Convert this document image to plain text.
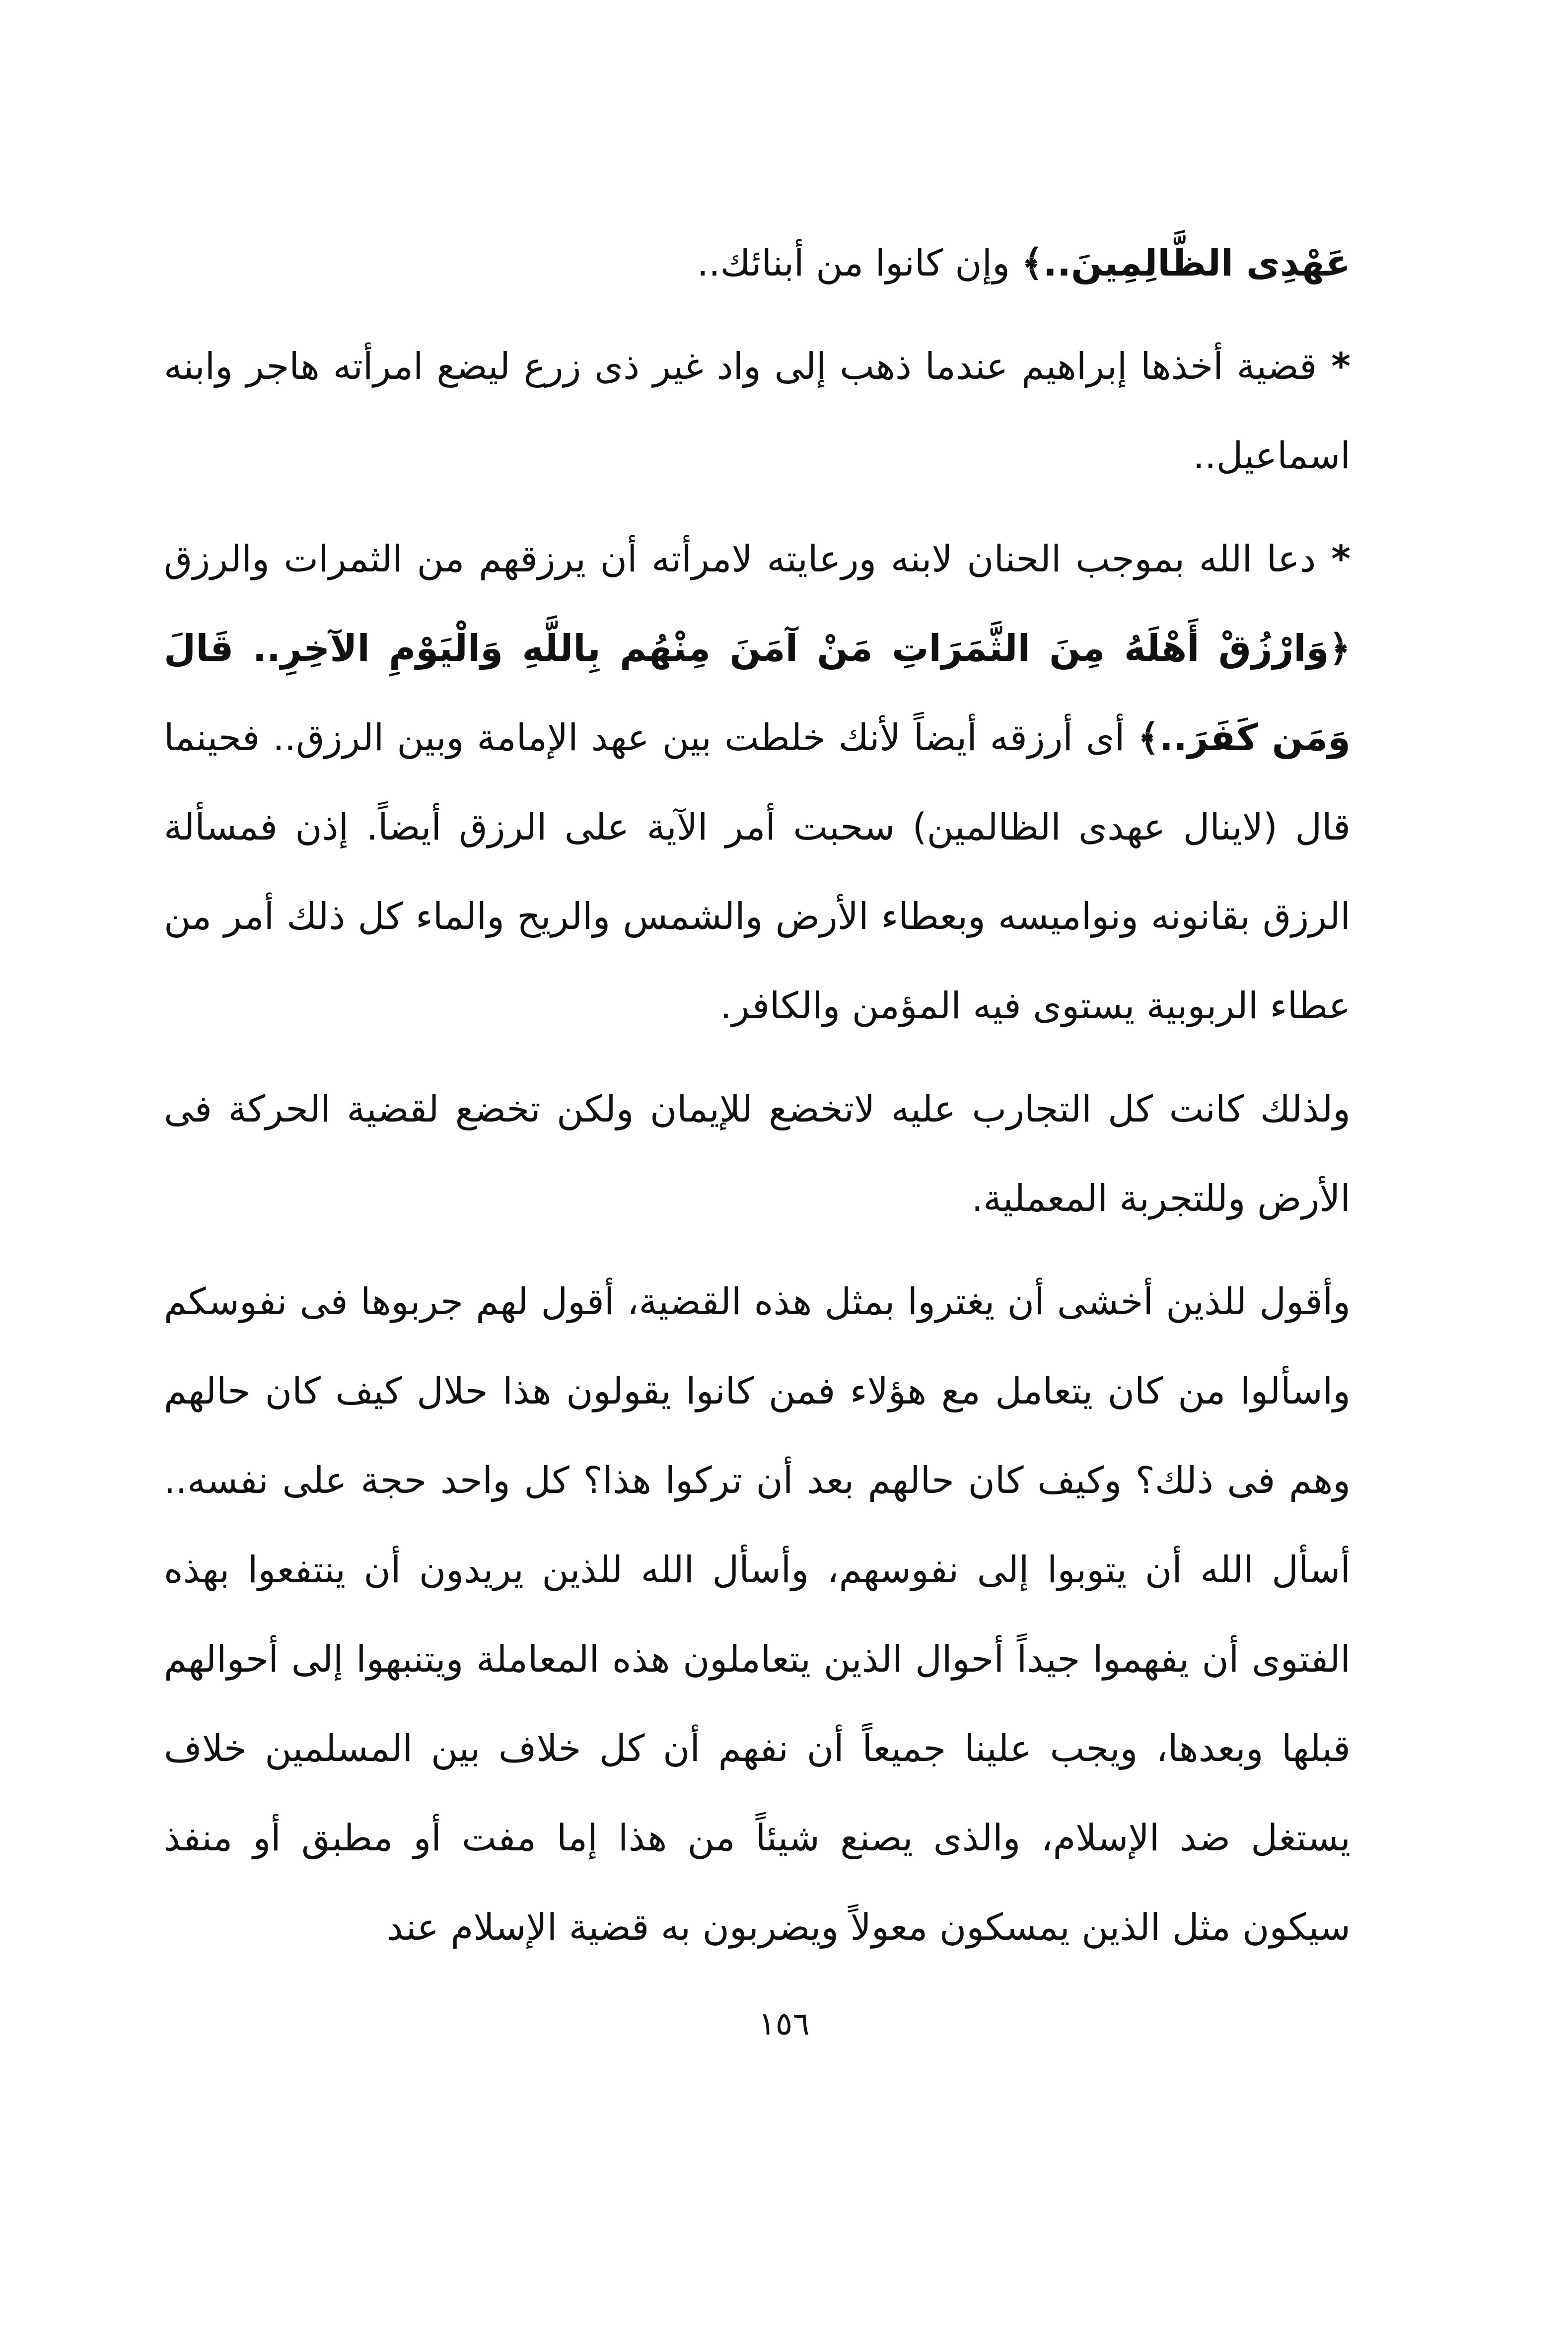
عَهْدِى الظَّالِمِينَ..﴾ وإن كانوا من أبنائك..

* قضية أخذها إبراهيم عندما ذهب إلى واد غير ذى زرع ليضع امرأته هاجر وابنه اسماعيل..

* دعا الله بموجب الحنان لابنه ورعايته لامرأته أن يرزقهم من الثمرات والرزق ﴿وَارْزُقْ أَهْلَهُ مِنَ الثَّمَرَاتِ مَنْ آمَنَ مِنْهُم بِاللَّهِ وَالْيَوْمِ الآخِرِ.. قَالَ وَمَن كَفَرَ..﴾ أى أرزقه أيضاً لأنك خلطت بين عهد الإمامة وبين الرزق.. فحينما قال (لاينال عهدى الظالمين) سحبت أمر الآية على الرزق أيضاً. إذن فمسألة الرزق بقانونه ونواميسه وبعطاء الأرض والشمس والريح والماء كل ذلك أمر من عطاء الربوبية يستوى فيه المؤمن والكافر.

ولذلك كانت كل التجارب عليه لاتخضع للإيمان ولكن تخضع لقضية الحركة فى الأرض وللتجربة المعملية.

وأقول للذين أخشى أن يغتروا بمثل هذه القضية، أقول لهم جربوها فى نفوسكم واسألوا من كان يتعامل مع هؤلاء فمن كانوا يقولون هذا حلال كيف كان حالهم وهم فى ذلك؟ وكيف كان حالهم بعد أن تركوا هذا؟ كل واحد حجة على نفسه.. أسأل الله أن يتوبوا إلى نفوسهم، وأسأل الله للذين يريدون أن ينتفعوا بهذه الفتوى أن يفهموا جيداً أحوال الذين يتعاملون هذه المعاملة ويتنبهوا إلى أحوالهم قبلها وبعدها، ويجب علينا جميعاً أن نفهم أن كل خلاف بين المسلمين خلاف يستغل ضد الإسلام، والذى يصنع شيئاً من هذا إما مفت أو مطبق أو منفذ سيكون مثل الذين يمسكون معولاً ويضربون به قضية الإسلام عند

١٥٦
